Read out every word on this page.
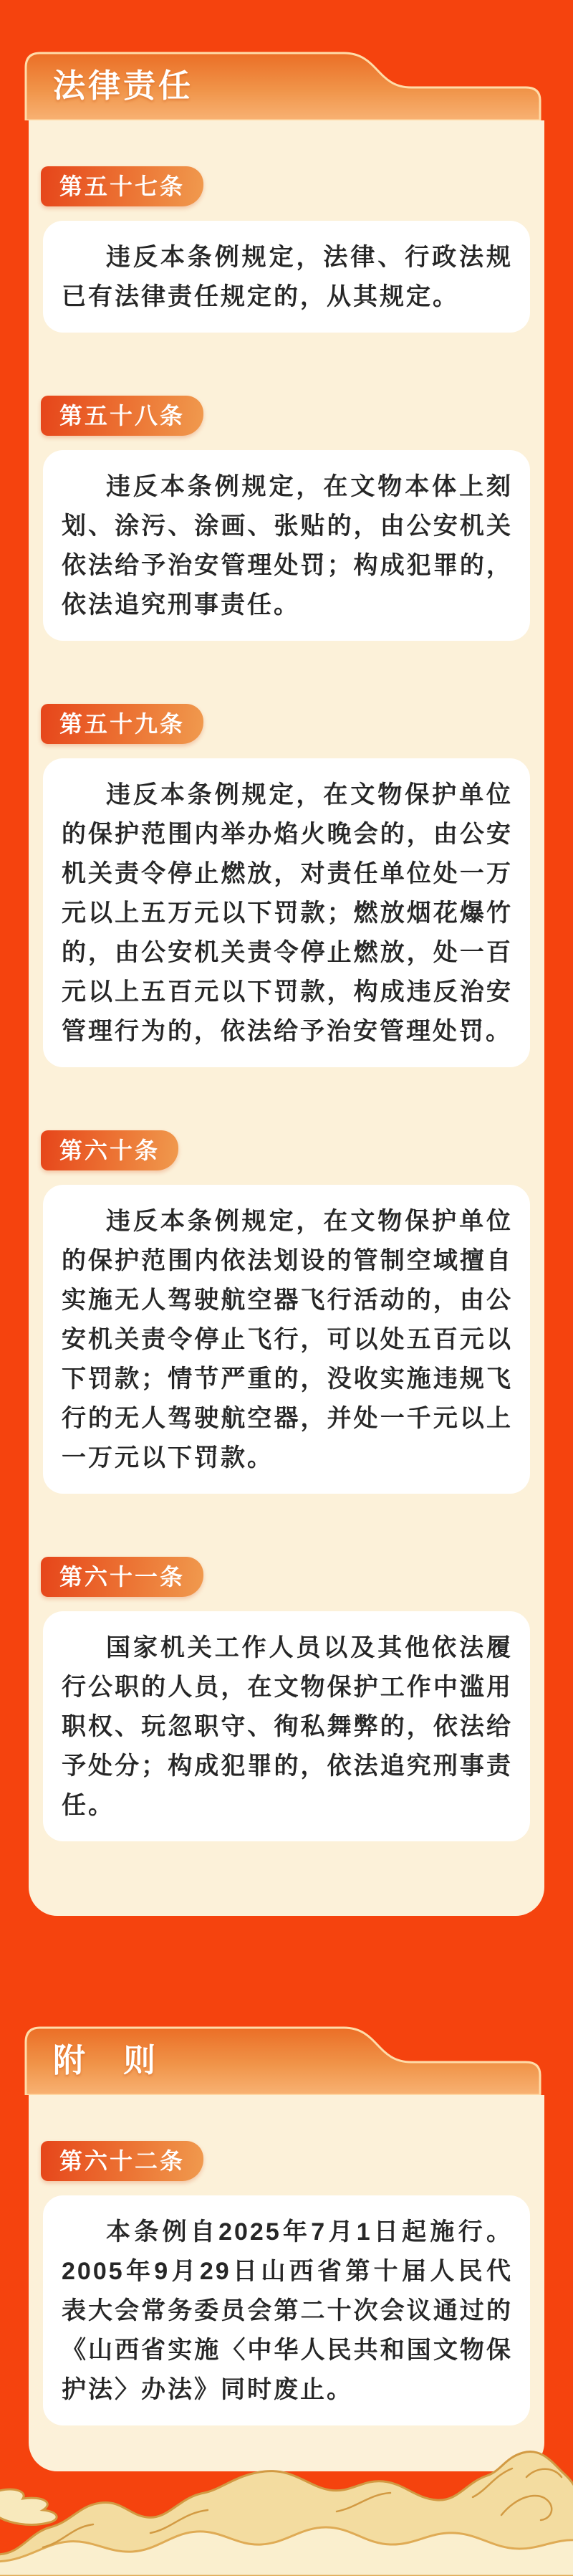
法律责任
第五十七条

违反本条例规定，法律、行政法规已有法律责任规定的，从其规定。

第五十八条

违反本条例规定，在文物本体上刻划、涂污、涂画、张贴的，由公安机关依法给予治安管理处罚；构成犯罪的，依法追究刑事责任。

第五十九条

违反本条例规定，在文物保护单位的保护范围内举办焰火晚会的，由公安机关责令停止燃放，对责任单位处一万元以上五万元以下罚款；燃放烟花爆竹的，由公安机关责令停止燃放，处一百元以上五百元以下罚款，构成违反治安管理行为的，依法给予治安管理处罚。

第六十条

违反本条例规定，在文物保护单位的保护范围内依法划设的管制空域擅自实施无人驾驶航空器飞行活动的，由公安机关责令停止飞行，可以处五百元以下罚款；情节严重的，没收实施违规飞行的无人驾驶航空器，并处一千元以上一万元以下罚款。

第六十一条

国家机关工作人员以及其他依法履行公职的人员，在文物保护工作中滥用职权、玩忽职守、徇私舞弊的，依法给予处分；构成犯罪的，依法追究刑事责任。

附　则
第六十二条

本条例自2025年7月1日起施行。2005年9月29日山西省第十届人民代表大会常务委员会第二十次会议通过的《山西省实施〈中华人民共和国文物保护法〉办法》同时废止。
